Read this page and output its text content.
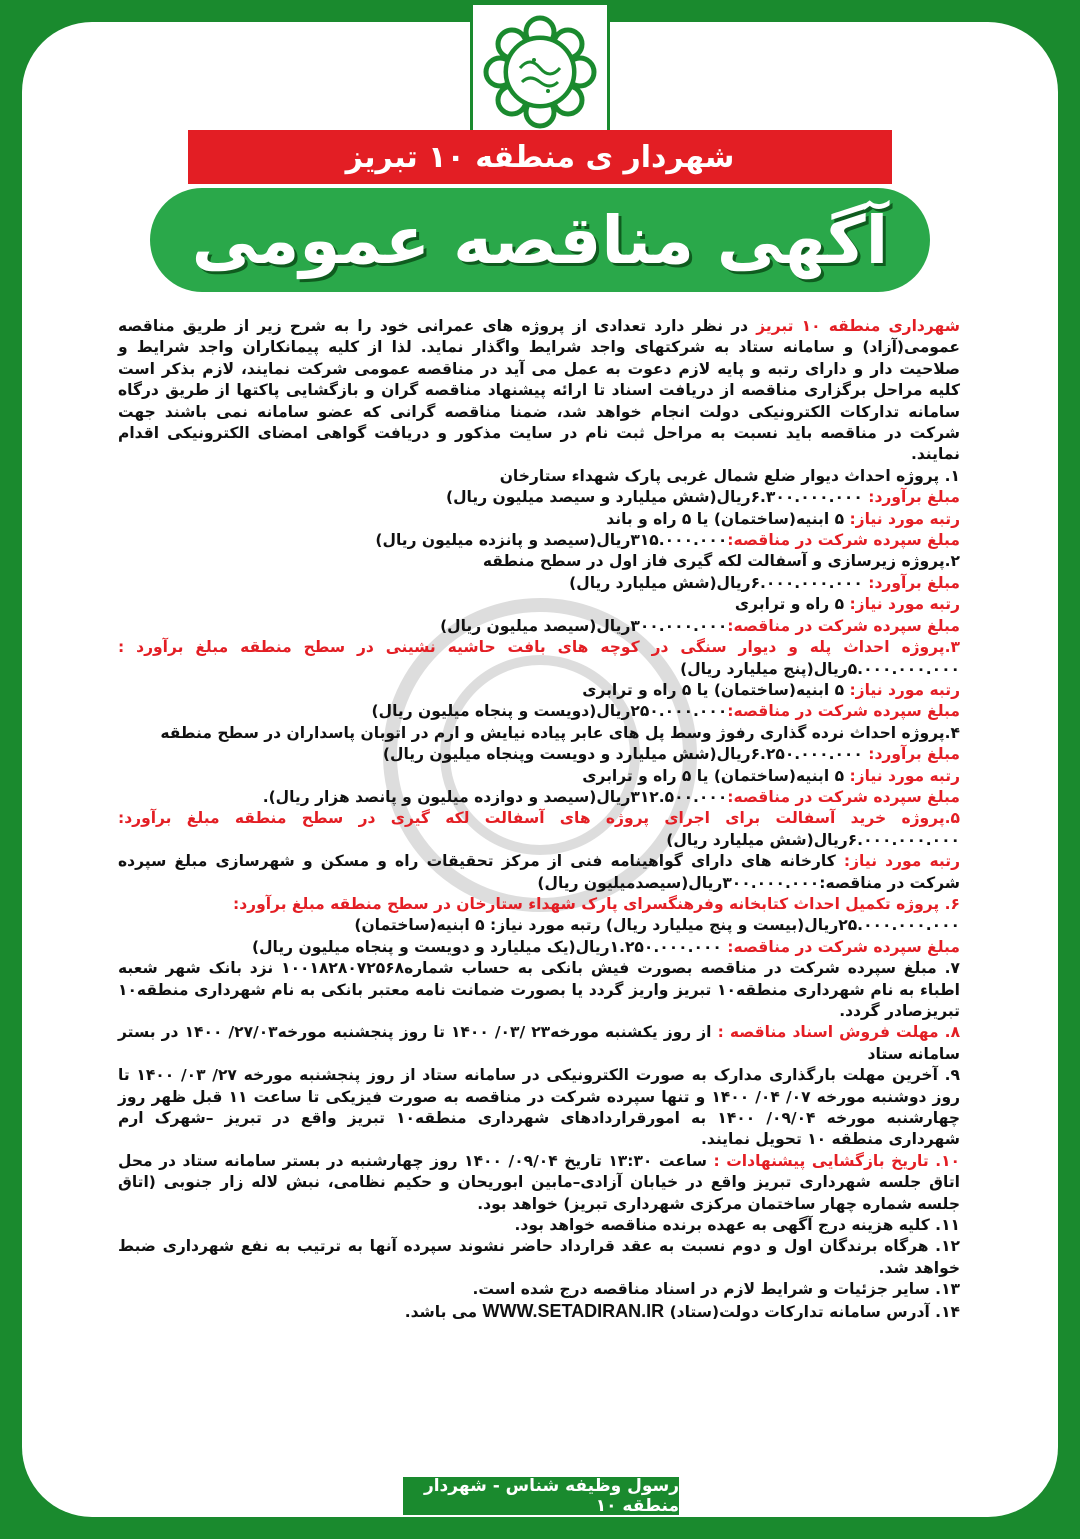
شهردار ی منطقه ۱۰ تبریز
آگهی مناقصه عمومی

شهرداری منطقه ۱۰ تبریز در نظر دارد تعدادی از پروژه های عمرانی خود را به شرح زیر از طریق مناقصه عمومی(آزاد) و سامانه ستاد به شرکتهای واجد شرایط واگذار نماید. لذا از کلیه پیمانکاران واجد شرایط و صلاحیت دار و دارای رتبه و پایه لازم دعوت به عمل می آید در مناقصه عمومی شرکت نمایند، لازم بذکر است کلیه مراحل برگزاری مناقصه از دریافت اسناد تا ارائه پیشنهاد مناقصه گران و بازگشایی پاکتها از طریق درگاه سامانه تدارکات الکترونیکی دولت انجام خواهد شد، ضمنا مناقصه گرانی که عضو سامانه نمی باشند جهت شرکت در مناقصه باید نسبت به مراحل ثبت نام در سایت مذکور و دریافت گواهی امضای الکترونیکی اقدام نمایند.

۱. پروژه احداث دیوار ضلع شمال غربی پارک شهداء ستارخان

مبلغ برآورد: ۶.۳۰۰.۰۰۰.۰۰۰ریال(شش میلیارد و سیصد میلیون ریال)

رتبه مورد نیاز: ۵ ابنیه(ساختمان) یا ۵ راه و باند

مبلغ سپرده شرکت در مناقصه:۳۱۵.۰۰۰.۰۰۰ریال(سیصد و پانزده میلیون ریال)

۲.پروژه زیرسازی و آسفالت لکه گیری فاز اول در سطح منطقه

مبلغ برآورد: ۶.۰۰۰.۰۰۰.۰۰۰ریال(شش میلیارد ریال)

رتبه مورد نیاز: ۵ راه و ترابری

مبلغ سپرده شرکت در مناقصه:۳۰۰.۰۰۰.۰۰۰ریال(سیصد میلیون ریال)

۳.پروژه احداث پله و دیوار سنگی در کوچه های بافت حاشیه نشینی در سطح منطقه مبلغ برآورد : ۵.۰۰۰.۰۰۰.۰۰۰ریال(پنج میلیارد ریال)

رتبه مورد نیاز: ۵ ابنیه(ساختمان) یا ۵ راه و ترابری

مبلغ سپرده شرکت در مناقصه:۲۵۰.۰۰۰.۰۰۰ریال(دویست و پنجاه میلیون ریال)

۴.پروژه احداث نرده گذاری رفوژ وسط پل های عابر پیاده نیایش و ارم در اتوبان پاسداران در سطح منطقه

مبلغ برآورد: ۶.۲۵۰.۰۰۰.۰۰۰ریال(شش میلیارد و دویست وپنجاه میلیون ریال)

رتبه مورد نیاز: ۵ ابنیه(ساختمان) یا ۵ راه و ترابری

مبلغ سپرده شرکت در مناقصه:۳۱۲.۵۰۰.۰۰۰ریال(سیصد و دوازده میلیون و پانصد هزار ریال).

۵.پروژه خرید آسفالت برای اجرای پروژه های آسفالت لکه گیری در سطح منطقه مبلغ برآورد: ۶.۰۰۰.۰۰۰.۰۰۰ریال(شش میلیارد ریال)

رتبه مورد نیاز: کارخانه های دارای گواهینامه فنی از مرکز تحقیقات راه و مسکن و شهرسازی مبلغ سپرده شرکت در مناقصه:۳۰۰.۰۰۰.۰۰۰ریال(سیصدمیلیون ریال)

۶. پروژه تکمیل احداث کتابخانه وفرهنگسرای پارک شهداء ستارخان در سطح منطقه مبلغ برآورد:

۲۵.۰۰۰.۰۰۰.۰۰۰ریال(بیست و پنج میلیارد ریال) رتبه مورد نیاز: ۵ ابنیه(ساختمان)

مبلغ سپرده شرکت در مناقصه: ۱.۲۵۰.۰۰۰.۰۰۰ریال(یک میلیارد و دویست و پنجاه میلیون ریال)

۷. مبلغ سپرده شرکت در مناقصه بصورت فیش بانکی به حساب شماره۱۰۰۱۸۲۸۰۷۲۵۶۸ نزد بانک شهر شعبه اطباء به نام شهرداری منطقه۱۰ تبریز واریز گردد یا بصورت ضمانت نامه معتبر بانکی به نام شهرداری منطقه۱۰ تبریزصادر گردد.

۸. مهلت فروش اسناد مناقصه : از روز یکشنبه مورخه۲۳ /۰۳/ ۱۴۰۰ تا روز پنجشنبه مورخه۲۷/۰۳/ ۱۴۰۰ در بستر سامانه ستاد

۹. آخرین مهلت بارگذاری مدارک به صورت الکترونیکی در سامانه ستاد از روز پنجشنبه مورخه ۲۷/ ۰۳/ ۱۴۰۰ تا روز دوشنبه مورخه ۰۷/ ۰۴/ ۱۴۰۰ و تنها سپرده شرکت در مناقصه به صورت فیزیکی تا ساعت ۱۱ قبل ظهر روز چهارشنبه مورخه ۰۹/۰۴/ ۱۴۰۰ به امورقراردادهای شهرداری منطقه۱۰ تبریز واقع در تبریز –شهرک ارم شهرداری منطقه ۱۰ تحویل نمایند.

۱۰. تاریخ بازگشایی پیشنهادات : ساعت ۱۳:۳۰ تاریخ ۰۹/۰۴/ ۱۴۰۰ روز چهارشنبه در بستر سامانه ستاد در محل اتاق جلسه شهرداری تبریز واقع در خیابان آزادی–مابین ابوریحان و حکیم نظامی، نبش لاله زار جنوبی (اتاق جلسه شماره چهار ساختمان مرکزی شهرداری تبریز) خواهد بود.

۱۱. کلیه هزینه درج آگهی به عهده برنده مناقصه خواهد بود.

۱۲. هرگاه برندگان اول و دوم نسبت به عقد قرارداد حاضر نشوند سپرده آنها به ترتیب به نفع شهرداری ضبط خواهد شد.

۱۳. سایر جزئیات و شرایط لازم در اسناد مناقصه درج شده است.

۱۴. آدرس سامانه تدارکات دولت(ستاد) WWW.SETADIRAN.IR می باشد.

رسول وظیفه شناس - شهردار منطقه ۱۰
